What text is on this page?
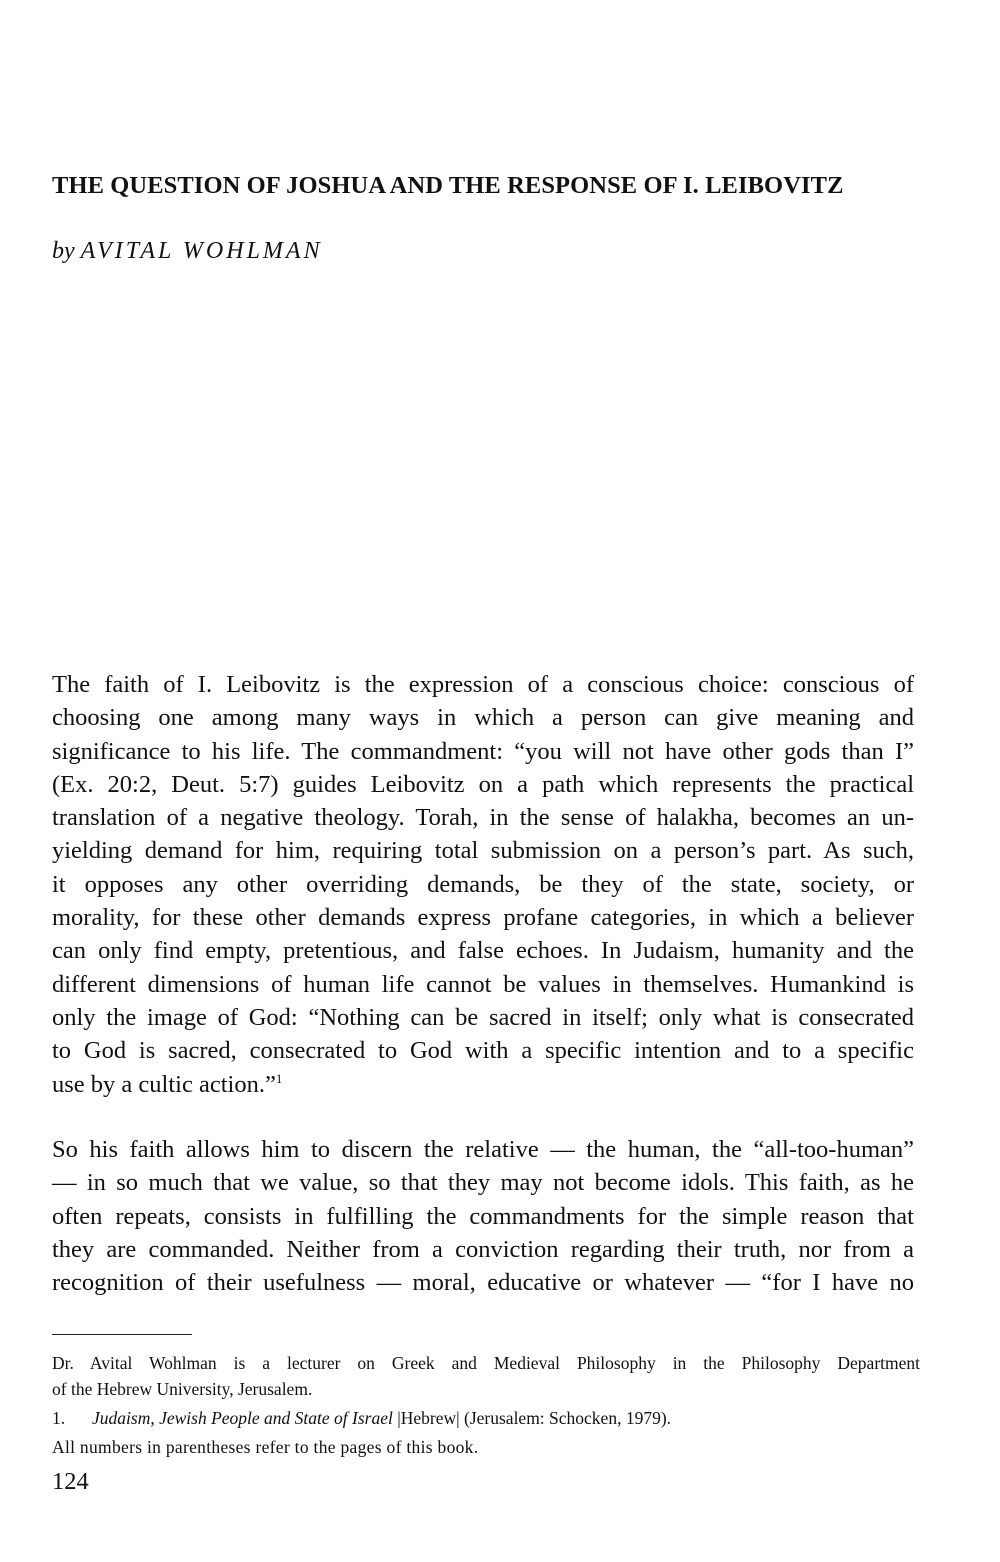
THE QUESTION OF JOSHUA AND THE RESPONSE OF I. LEIBOVITZ
by AVITAL WOHLMAN
The faith of I. Leibovitz is the expression of a conscious choice: conscious of
choosing one among many ways in which a person can give meaning and
significance to his life. The commandment: “you will not have other gods than I”
(Ex. 20:2, Deut. 5:7) guides Leibovitz on a path which represents the practical
translation of a negative theology. Torah, in the sense of halakha, becomes an un-
yielding demand for him, requiring total submission on a person’s part. As such,
it opposes any other overriding demands, be they of the state, society, or
morality, for these other demands express profane categories, in which a believer
can only find empty, pretentious, and false echoes. In Judaism, humanity and the
different dimensions of human life cannot be values in themselves. Humankind is
only the image of God: “Nothing can be sacred in itself; only what is consecrated
to God is sacred, consecrated to God with a specific intention and to a specific
use by a cultic action.”$^1$
So his faith allows him to discern the relative — the human, the “all-too-human”
— in so much that we value, so that they may not become idols. This faith, as he
often repeats, consists in fulfilling the commandments for the simple reason that
they are commanded. Neither from a conviction regarding their truth, nor from a
recognition of their usefulness — moral, educative or whatever — “for I have no
Dr. Avital Wohlman is a lecturer on Greek and Medieval Philosophy in the Philosophy Department
of the Hebrew University, Jerusalem.
1. Judaism, Jewish People and State of Israel |Hebrew| (Jerusalem: Schocken, 1979).
All numbers in parentheses refer to the pages of this book.
124
